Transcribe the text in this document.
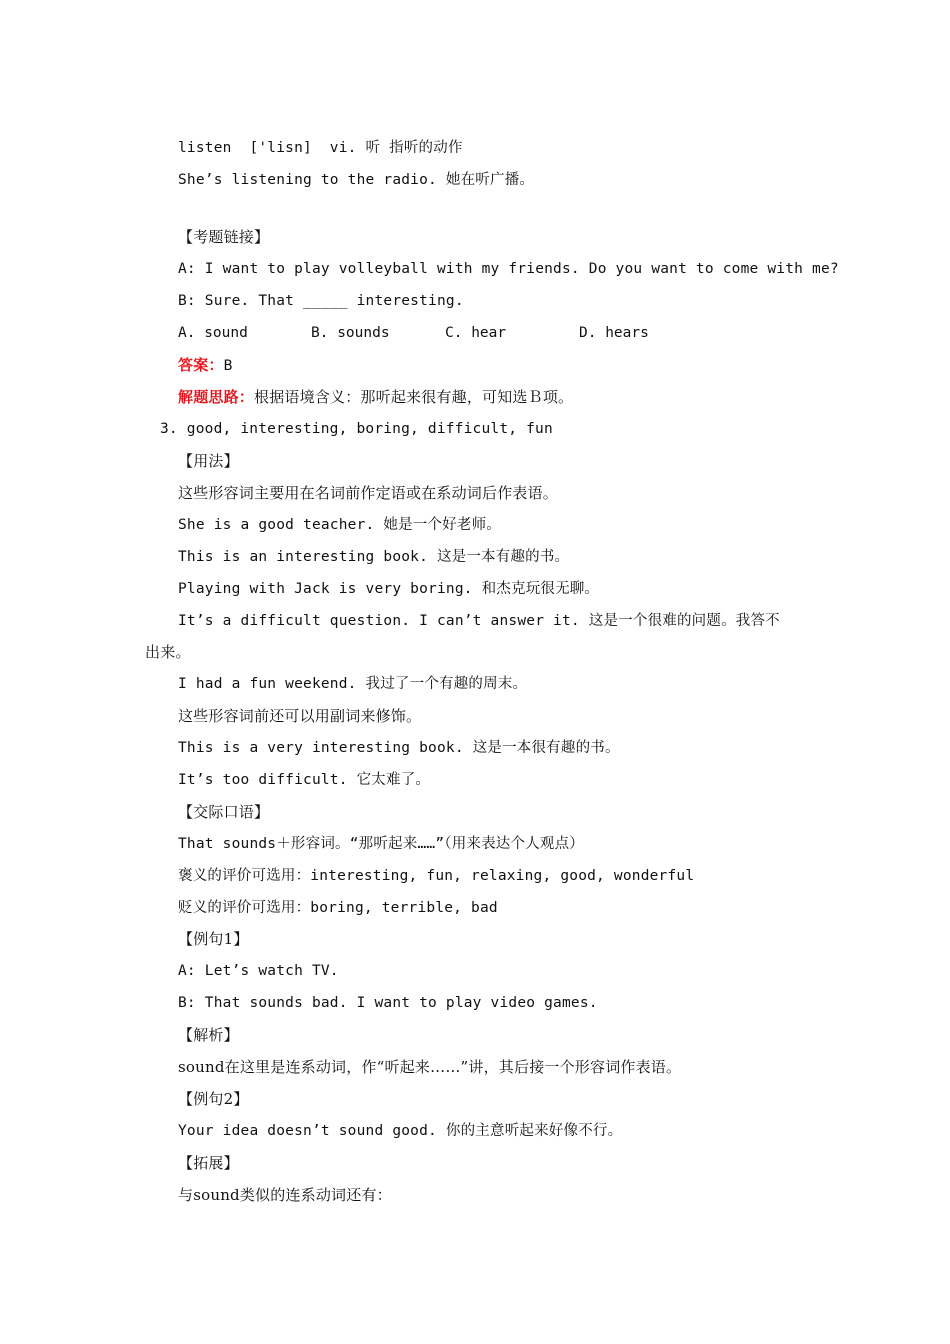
listen  ['lisn]  vi. 听 指听的动作
She’s listening to the radio. 她在听广播。
【考题链接】
A: I want to play volleyball with my friends. Do you want to come with me?
B: Sure. That _____ interesting.
A. sound	B. sounds	C. hear	D. hears
答案：B
解题思路：根据语境含义：那听起来很有趣，可知选Ｂ项。
3. good, interesting, boring, difficult, fun
【用法】
这些形容词主要用在名词前作定语或在系动词后作表语。
She is a good teacher. 她是一个好老师。
This is an interesting book. 这是一本有趣的书。
Playing with Jack is very boring. 和杰克玩很无聊。
It’s a difficult question. I can’t answer it. 这是一个很难的问题。我答不
出来。
I had a fun weekend. 我过了一个有趣的周末。
这些形容词前还可以用副词来修饰。
This is a very interesting book. 这是一本很有趣的书。
It’s too difficult. 它太难了。
【交际口语】
That sounds＋形容词。“那听起来……”（用来表达个人观点）
褒义的评价可选用：interesting, fun, relaxing, good, wonderful
贬义的评价可选用：boring, terrible, bad
【例句1】
A: Let’s watch TV.
B: That sounds bad. I want to play video games.
【解析】
sound在这里是连系动词，作“听起来……”讲，其后接一个形容词作表语。
【例句2】
Your idea doesn’t sound good. 你的主意听起来好像不行。
【拓展】
与sound类似的连系动词还有：
